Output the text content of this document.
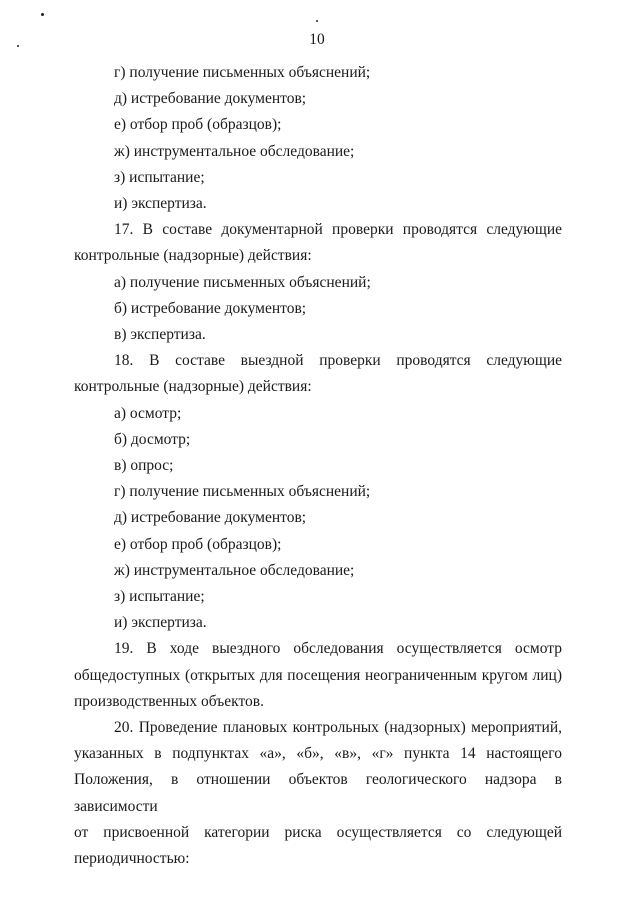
10
г) получение письменных объяснений;
д) истребование документов;
е) отбор проб (образцов);
ж) инструментальное обследование;
з) испытание;
и) экспертиза.
17. В составе документарной проверки проводятся следующие
контрольные (надзорные) действия:
а) получение письменных объяснений;
б) истребование документов;
в) экспертиза.
18. В составе выездной проверки проводятся следующие
контрольные (надзорные) действия:
а) осмотр;
б) досмотр;
в) опрос;
г) получение письменных объяснений;
д) истребование документов;
е) отбор проб (образцов);
ж) инструментальное обследование;
з) испытание;
и) экспертиза.
19. В ходе выездного обследования осуществляется осмотр
общедоступных (открытых для посещения неограниченным кругом лиц)
производственных объектов.
20. Проведение плановых контрольных (надзорных) мероприятий,
указанных в подпунктах «а», «б», «в», «г» пункта 14 настоящего
Положения, в отношении объектов геологического надзора в зависимости
от присвоенной категории риска осуществляется со следующей
периодичностью:
